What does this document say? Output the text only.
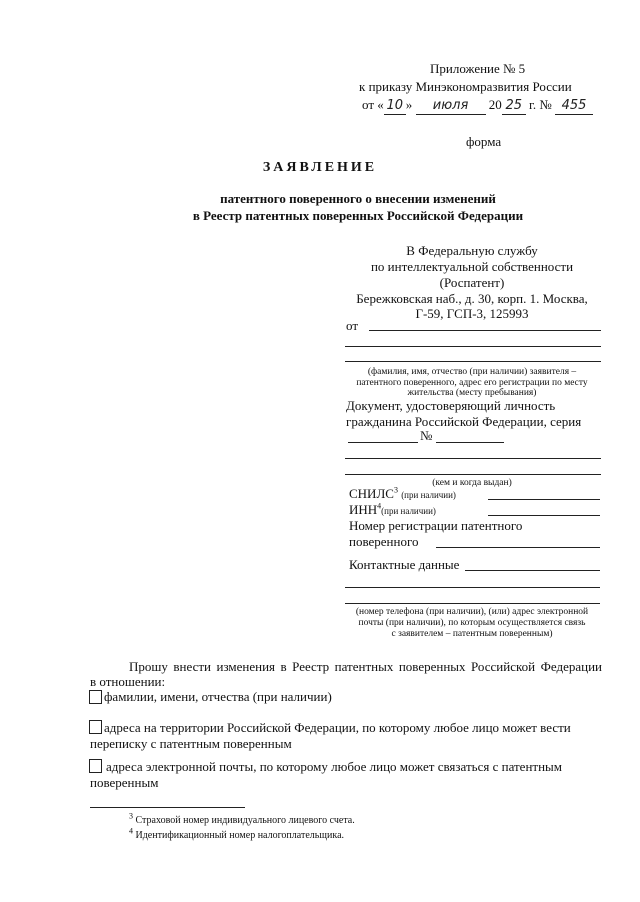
Приложение № 5
к приказу Минэкономразвития России
от « 10 » июля 20 25 г. № 455
форма
ЗАЯВЛЕНИЕ
патентного поверенного о внесении изменений
в Реестр патентных поверенных Российской Федерации
В Федеральную службу
по интеллектуальной собственности
(Роспатент)
Бережковская наб., д. 30, корп. 1. Москва,
Г-59, ГСП-3, 125993
от
(фамилия, имя, отчество (при наличии) заявителя –
патентного поверенного, адрес его регистрации по месту
жительства (месту пребывания)
Документ, удостоверяющий личность
гражданина Российской Федерации, серия
№
(кем и когда выдан)
СНИЛС$^3$ (при наличии)
ИНН$^4$(при наличии)
Номер регистрации патентного
поверенного
Контактные данные
(номер телефона (при наличии), (или) адрес электронной
почты (при наличии), по которым осуществляется связь
с заявителем – патентным поверенным)
Прошу внести изменения в Реестр патентных поверенных Российской Федерации
в отношении:
фамилии, имени, отчества (при наличии)
адреса на территории Российской Федерации, по которому любое лицо может вести
переписку с патентным поверенным
адреса электронной почты, по которому любое лицо может связаться с патентным
поверенным
$^3$ Страховой номер индивидуального лицевого счета.
$^4$ Идентификационный номер налогоплательщика.
